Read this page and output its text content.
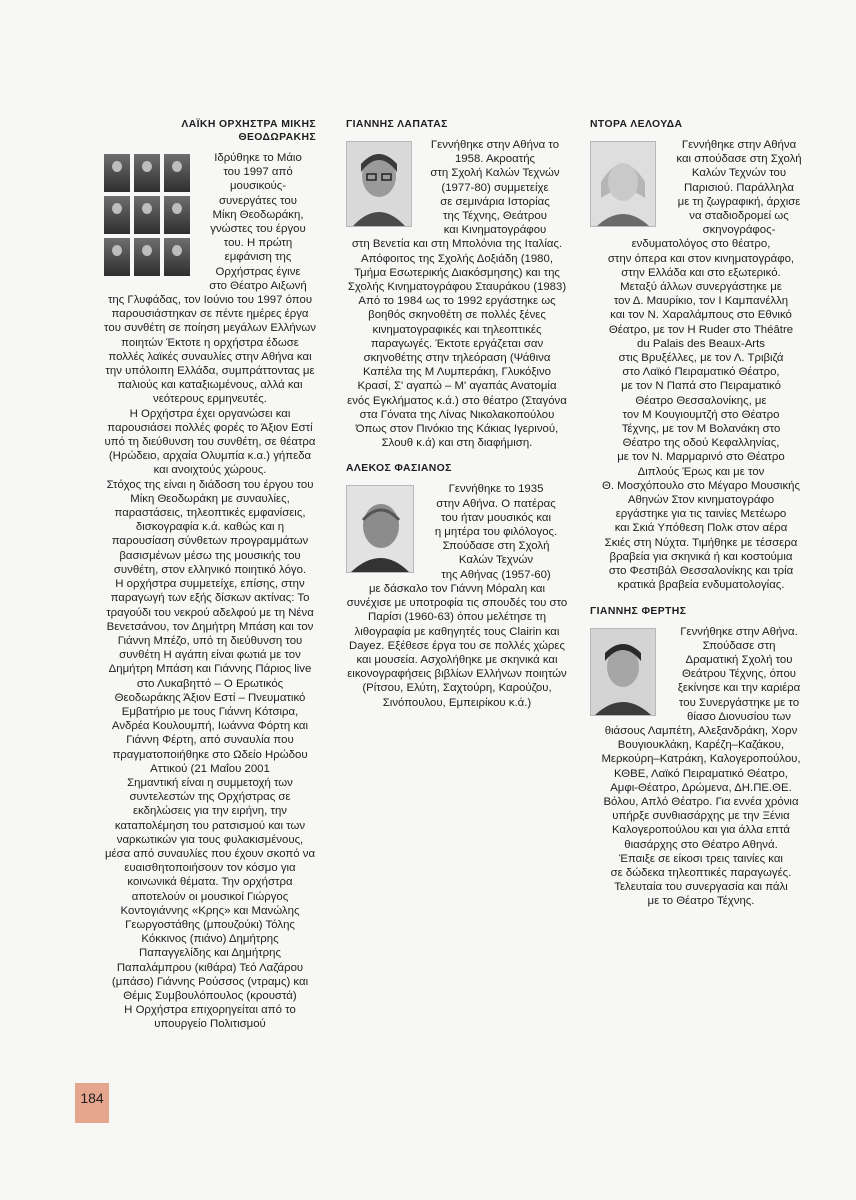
ΛΑΪΚΗ ΟΡΧΗΣΤΡΑ ΜΙΚΗΣ ΘΕΟΔΩΡΑΚΗΣ
Ιδρύθηκε το Μάιο
του 1997 από
μουσικούς-
συνεργάτες του
Μίκη Θεοδωράκη,
γνώστες του έργου
του. Η πρώτη
εμφάνιση της
Ορχήστρας έγινε
στο Θέατρο Αιξωνή

της Γλυφάδας, τον Ιούνιο του 1997 όπου παρουσιάστηκαν σε πέντε ημέρες έργα του συνθέτη σε ποίηση μεγάλων Ελλήνων ποιητών Έκτοτε η ορχήστρα έδωσε πολλές λαϊκές συναυλίες στην Αθήνα και την υπόλοιπη Ελλάδα, συμπράττοντας με παλιούς και καταξιωμένους, αλλά και νεότερους ερμηνευτές.

Η Ορχήστρα έχει οργανώσει και παρουσιάσει πολλές φορές το Άξιον Εστί υπό τη διεύθυνση του συνθέτη, σε θέατρα (Ηρώδειο, αρχαία Ολυμπία κ.α.) γήπεδα και ανοιχτούς χώρους.

Στόχος της είναι η διάδοση του έργου του Μίκη Θεοδωράκη με συναυλίες, παραστάσεις, τηλεοπτικές εμφανίσεις, δισκογραφία κ.ά. καθώς και η παρουσίαση σύνθετων προγραμμάτων βασισμένων μέσω της μουσικής του συνθέτη, στον ελληνικό ποιητικό λόγο.

Η ορχήστρα συμμετείχε, επίσης, στην παραγωγή των εξής δίσκων ακτίνας: Το τραγούδι του νεκρού αδελφού με τη Νένα Βενετσάνου, τον Δημήτρη Μπάση και τον Γιάννη Μπέζο, υπό τη διεύθυνση του συνθέτη Η αγάπη είναι φωτιά με τον Δημήτρη Μπάση και Γιάννης Πάριος live στο Λυκαβηττό – Ο Ερωτικός Θεοδωράκης Άξιον Εστί – Πνευματικό Εμβατήριο με τους Γιάννη Κότσιρα, Ανδρέα Κουλουμπή, Ιωάννα Φόρτη και Γιάννη Φέρτη, από συναυλία που πραγματοποιήθηκε στο Ωδείο Ηρώδου Αττικού (21 Μαΐου 2001

Σημαντική είναι η συμμετοχή των συντελεστών της Ορχήστρας σε εκδηλώσεις για την ειρήνη, την καταπολέμηση του ρατσισμού και των ναρκωτικών για τους φυλακισμένους, μέσα από συναυλίες που έχουν σκοπό να ευαισθητοποιήσουν τον κόσμο για κοινωνικά θέματα. Την ορχήστρα αποτελούν οι μουσικοί Γιώργος Κοντογιάννης «Κρης» και Μανώλης Γεωργοστάθης (μπουζούκι) Τόλης Κόκκινος (πιάνο) Δημήτρης Παπαγγελίδης και Δημήτρης Παπαλάμπρου (κιθάρα) Τεό Λαζάρου (μπάσο) Γιάννης Ρούσσος (ντραμς) και Θέμις Συμβουλόπουλος (κρουστά)

Η Ορχήστρα επιχορηγείται από το υπουργείο Πολιτισμού

ΓΙΑΝΝΗΣ ΛΑΠΑΤΑΣ
Γεννήθηκε στην Αθήνα το
1958. Ακροατής
στη Σχολή Καλών Τεχνών
(1977-80) συμμετείχε
σε σεμινάρια Ιστορίας
της Τέχνης, Θεάτρου
και Κινηματογράφου

στη Βενετία και στη Μπολόνια της Ιταλίας. Απόφοιτος της Σχολής Δοξιάδη (1980, Τμήμα Εσωτερικής Διακόσμησης) και της Σχολής Κινηματογράφου Σταυράκου (1983) Από το 1984 ως το 1992 εργάστηκε ως βοηθός σκηνοθέτη σε πολλές ξένες κινηματογραφικές και τηλεοπτικές παραγωγές. Έκτοτε εργάζεται σαν σκηνοθέτης στην τηλεόραση (Ψάθινα Καπέλα της Μ Λυμπεράκη, Γλυκόξινο Κρασί, Σ' αγαπώ – Μ' αγαπάς Ανατομία ενός Εγκλήματος κ.ά.) στο θέατρο (Σταγόνα στα Γόνατα της Λίνας Νικολακοπούλου Όπως στον Πινόκιο της Κάκιας Ιγερινού, Σλουθ κ.ά) και στη διαφήμιση.

ΑΛΕΚΟΣ ΦΑΣΙΑΝΟΣ
Γεννήθηκε το 1935
στην Αθήνα. Ο πατέρας
του ήταν μουσικός και
η μητέρα του φιλόλογος.
Σπούδασε στη Σχολή
Καλών Τεχνών
της Αθήνας (1957-60)

με δάσκαλο τον Γιάννη Μόραλη και συνέχισε με υποτροφία τις σπουδές του στο Παρίσι (1960-63) όπου μελέτησε τη λιθογραφία με καθηγητές τους Clairin και Dayez. Εξέθεσε έργα του σε πολλές χώρες και μουσεία. Ασχολήθηκε με σκηνικά και εικονογραφήσεις βιβλίων Ελλήνων ποιητών (Ρίτσου, Ελύτη, Σαχτούρη, Καρούζου, Σινόπουλου, Εμπειρίκου κ.ά.)

ΝΤΟΡΑ ΛΕΛΟΥΔΑ
Γεννήθηκε στην Αθήνα
και σπούδασε στη Σχολή
Καλών Τεχνών του
Παρισιού. Παράλληλα
με τη ζωγραφική, άρχισε
να σταδιοδρομεί ως
σκηνογράφος-
ενδυματολόγος στο θέατρο,
στην όπερα και στον κινηματογράφο,
στην Ελλάδα και στο εξωτερικό.
Μεταξύ άλλων συνεργάστηκε με
τον Δ. Μαυρίκιο, τον Ι Καμπανέλλη
και τον Ν. Χαραλάμπους στο Εθνικό
Θέατρο, με τον Η Ruder στο Théâtre
du Palais des Beaux-Arts
στις Βρυξέλλες, με τον Λ. Τριβιζά
στο Λαϊκό Πειραματικό Θέατρο,
με τον Ν Παπά στο Πειραματικό
Θέατρο Θεσσαλονίκης, με
τον Μ Κουγιουμτζή στο Θέατρο
Τέχνης, με τον Μ Βολανάκη στο
Θέατρο της οδού Κεφαλληνίας,
με τον Ν. Μαρμαρινό στο Θέατρο
Διπλούς Έρως και με τον
Θ. Μοσχόπουλο στο Μέγαρο Μουσικής
Αθηνών Στον κινηματογράφο
εργάστηκε για τις ταινίες Μετέωρο
και Σκιά Υπόθεση Πολκ στον αέρα
Σκιές στη Νύχτα. Τιμήθηκε με τέσσερα
βραβεία για σκηνικά ή και κοστούμια
στο Φεστιβάλ Θεσσαλονίκης και τρία
κρατικά βραβεία ενδυματολογίας.
ΓΙΑΝΝΗΣ ΦΕΡΤΗΣ
Γεννήθηκε στην Αθήνα.
Σπούδασε στη
Δραματική Σχολή του
Θεάτρου Τέχνης, όπου
ξεκίνησε και την καριέρα
του Συνεργάστηκε με το
θίασο Διονυσίου των
θιάσους Λαμπέτη, Αλεξανδράκη, Χορν
Βουγιουκλάκη, Καρέζη–Καζάκου,
Μερκούρη–Κατράκη, Καλογεροπούλου,
ΚΘΒΕ, Λαϊκό Πειραματικό Θέατρο,
Αμφι-Θέατρο, Δρώμενα, ΔΗ.ΠΕ.ΘΕ.
Βόλου, Απλό Θέατρο. Για εννέα χρόνια
υπήρξε συνθιασάρχης με την Ξένια
Καλογεροπούλου και για άλλα επτά
θιασάρχης στο Θέατρο Αθηνά.
Έπαιξε σε είκοσι τρεις ταινίες και
σε δώδεκα τηλεοπτικές παραγωγές.
Τελευταία του συνεργασία και πάλι
με το Θέατρο Τέχνης.
184
